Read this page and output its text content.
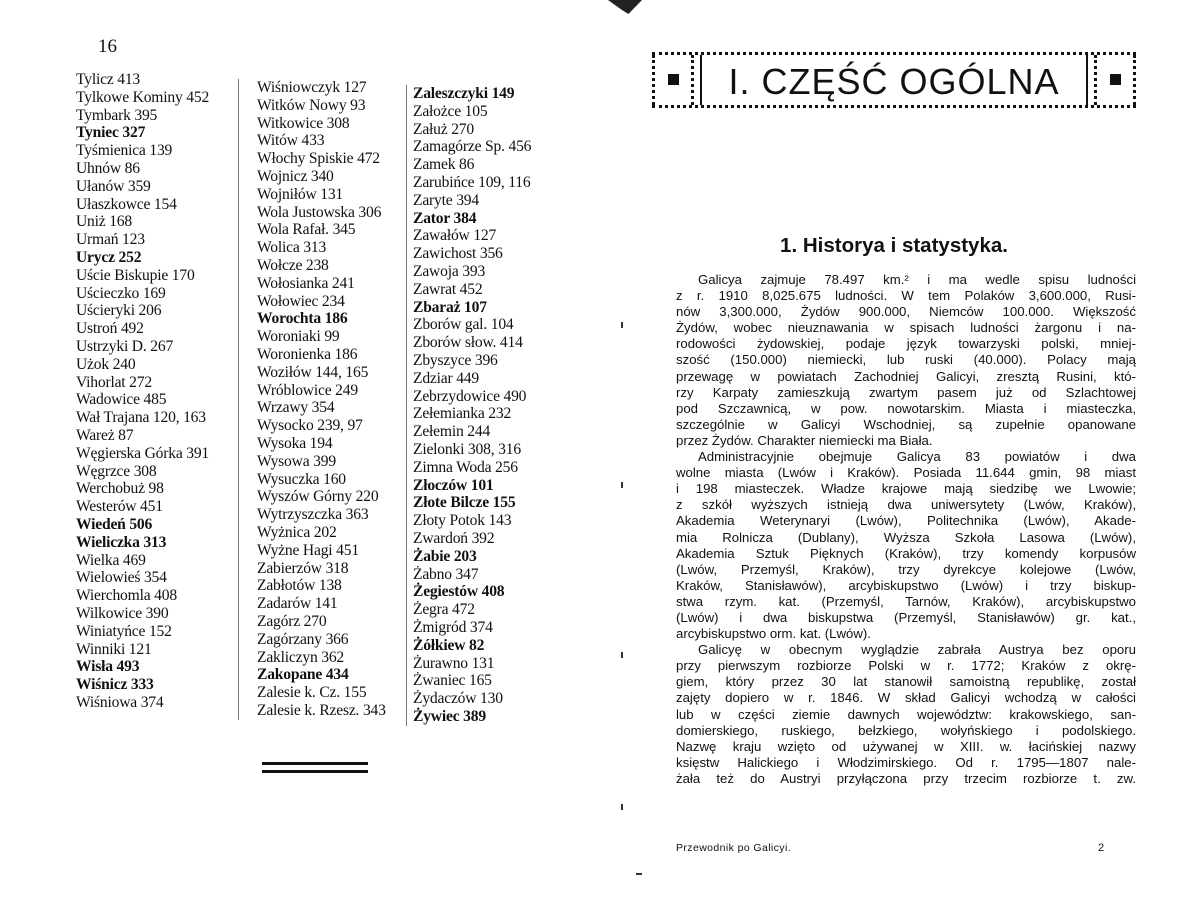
16
Tylicz 413
Tylkowe Kominy 452
Tymbark 395
Tyniec 327
Tyśmienica 139
Uhnów 86
Ułanów 359
Ułaszkowce 154
Uniż 168
Urmań 123
Urycz 252
Uście Biskupie 170
Uścieczko 169
Uścieryki 206
Ustroń 492
Ustrzyki D. 267
Użok 240
Vihorlat 272
Wadowice 485
Wał Trajana 120, 163
Wareż 87
Węgierska Górka 391
Węgrzce 308
Werchobuż 98
Westerów 451
Wiedeń 506
Wieliczka 313
Wielka 469
Wielowieś 354
Wierchomla 408
Wilkowice 390
Winiatyńce 152
Winniki 121
Wisła 493
Wiśnicz 333
Wiśniowa 374
Wiśniowczyk 127
Witków Nowy 93
Witkowice 308
Witów 433
Włochy Spiskie 472
Wojnicz 340
Wojniłów 131
Wola Justowska 306
Wola Rafał. 345
Wolica 313
Wołcze 238
Wołosianka 241
Wołowiec 234
Worochta 186
Woroniaki 99
Woronienka 186
Woziłów 144, 165
Wróblowice 249
Wrzawy 354
Wysocko 239, 97
Wysoka 194
Wysowa 399
Wysuczka 160
Wyszów Górny 220
Wytrzyszczka 363
Wyżnica 202
Wyżne Hagi 451
Zabierzów 318
Zabłotów 138
Zadarów 141
Zagórz 270
Zagórzany 366
Zakliczyn 362
Zakopane 434
Zalesie k. Cz. 155
Zalesie k. Rzesz. 343
Zaleszczyki 149
Założce 105
Załuż 270
Zamagórze Sp. 456
Zamek 86
Zarubińce 109, 116
Zaryte 394
Zator 384
Zawałów 127
Zawichost 356
Zawoja 393
Zawrat 452
Zbaraż 107
Zborów gal. 104
Zborów słow. 414
Zbyszyce 396
Zdziar 449
Zebrzydowice 490
Zełemianka 232
Zełemin 244
Zielonki 308, 316
Zimna Woda 256
Złoczów 101
Złote Bilcze 155
Złoty Potok 143
Zwardoń 392
Żabie 203
Żabno 347
Żegiestów 408
Żegra 472
Żmigród 374
Żółkiew 82
Żurawno 131
Żwaniec 165
Żydaczów 130
Żywiec 389
I. CZĘŚĆ OGÓLNA
1. Historya i statystyka.
Galicya zajmuje 78.497 km.² i ma wedle spisu ludności
z r. 1910 8,025.675 ludności. W tem Polaków 3,600.000, Rusi-
nów 3,300.000, Żydów 900.000, Niemców 100.000. Większość
Żydów, wobec nieuznawania w spisach ludności żargonu i na-
rodowości żydowskiej, podaje język towarzyski polski, mniej-
szość (150.000) niemiecki, lub ruski (40.000). Polacy mają
przewagę w powiatach Zachodniej Galicyi, zresztą Rusini, któ-
rzy Karpaty zamieszkują zwartym pasem już od Szlachtowej
pod Szczawnicą, w pow. nowotarskim. Miasta i miasteczka,
szczególnie w Galicyi Wschodniej, są zupełnie opanowane
przez Żydów. Charakter niemiecki ma Biała.
Administracyjnie obejmuje Galicya 83 powiatów i dwa
wolne miasta (Lwów i Kraków). Posiada 11.644 gmin, 98 miast
i 198 miasteczek. Władze krajowe mają siedzibę we Lwowie;
z szkół wyższych istnieją dwa uniwersytety (Lwów, Kraków),
Akademia Weterynaryi (Lwów), Politechnika (Lwów), Akade-
mia Rolnicza (Dublany), Wyższa Szkoła Lasowa (Lwów),
Akademia Sztuk Pięknych (Kraków), trzy komendy korpusów
(Lwów, Przemyśl, Kraków), trzy dyrekcye kolejowe (Lwów,
Kraków, Stanisławów), arcybiskupstwo (Lwów) i trzy biskup-
stwa rzym. kat. (Przemyśl, Tarnów, Kraków), arcybiskupstwo
(Lwów) i dwa biskupstwa (Przemyśl, Stanisławów) gr. kat.,
arcybiskupstwo orm. kat. (Lwów).
Galicyę w obecnym wyglądzie zabrała Austrya bez oporu
przy pierwszym rozbiorze Polski w r. 1772; Kraków z okrę-
giem, który przez 30 lat stanowił samoistną republikę, został
zajęty dopiero w r. 1846. W skład Galicyi wchodzą w całości
lub w części ziemie dawnych województw: krakowskiego, san-
domierskiego, ruskiego, bełzkiego, wołyńskiego i podolskiego.
Nazwę kraju wzięto od używanej w XIII. w. łacińskiej nazwy
księstw Halickiego i Włodzimirskiego. Od r. 1795—1807 nale-
żała też do Austryi przyłączona przy trzecim rozbiorze t. zw.
Przewodnik po Galicyi.	2
